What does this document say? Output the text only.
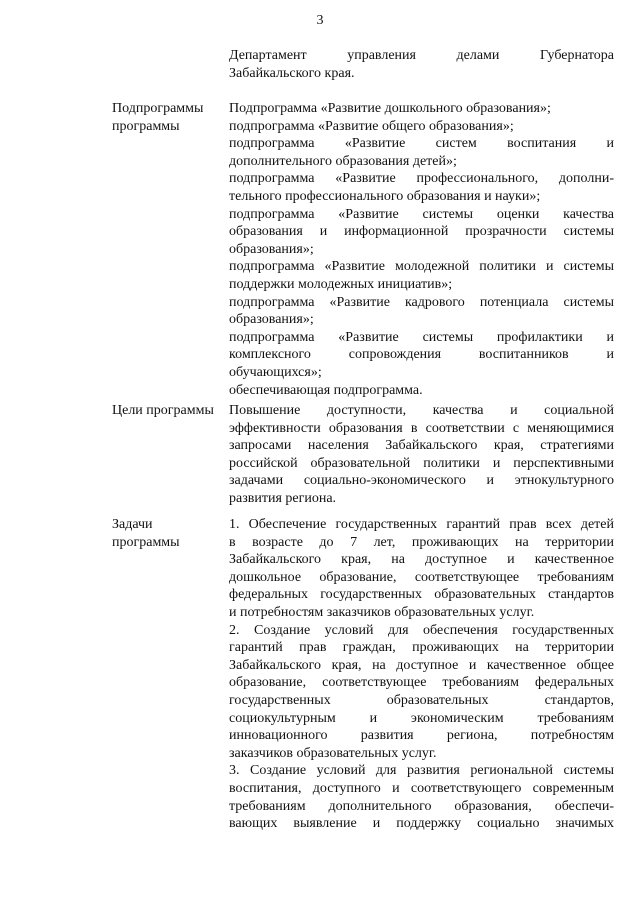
3
Департамент управления делами Губернатора
Забайкальского края.
Подпрограммы
программы
Подпрограмма «Развитие дошкольного образования»;
подпрограмма «Развитие общего образования»;
подпрограмма «Развитие систем воспитания и
дополнительного образования детей»;
подпрограмма «Развитие профессионального, дополни-
тельного профессионального образования и науки»;
подпрограмма «Развитие системы оценки качества
образования и информационной прозрачности системы
образования»;
подпрограмма «Развитие молодежной политики и системы
поддержки молодежных инициатив»;
подпрограмма «Развитие кадрового потенциала системы
образования»;
подпрограмма «Развитие системы профилактики и
комплексного сопровождения воспитанников и
обучающихся»;
обеспечивающая подпрограмма.
Цели программы	Повышение доступности, качества и социальной
эффективности образования в соответствии с меняющимися
запросами населения Забайкальского края, стратегиями
российской образовательной политики и перспективными
задачами социально-экономического и этнокультурного
развития региона.
Задачи
программы
1. Обеспечение государственных гарантий прав всех детей
в возрасте до 7 лет, проживающих на территории
Забайкальского края, на доступное и качественное
дошкольное образование, соответствующее требованиям
федеральных государственных образовательных стандартов
и потребностям заказчиков образовательных услуг.
2. Создание условий для обеспечения государственных
гарантий прав граждан, проживающих на территории
Забайкальского края, на доступное и качественное общее
образование, соответствующее требованиям федеральных
государственных образовательных стандартов,
социокультурным и экономическим требованиям
инновационного развития региона, потребностям
заказчиков образовательных услуг.
3. Создание условий для развития региональной системы
воспитания, доступного и соответствующего современным
требованиям дополнительного образования, обеспечи-
вающих выявление и поддержку социально значимых
